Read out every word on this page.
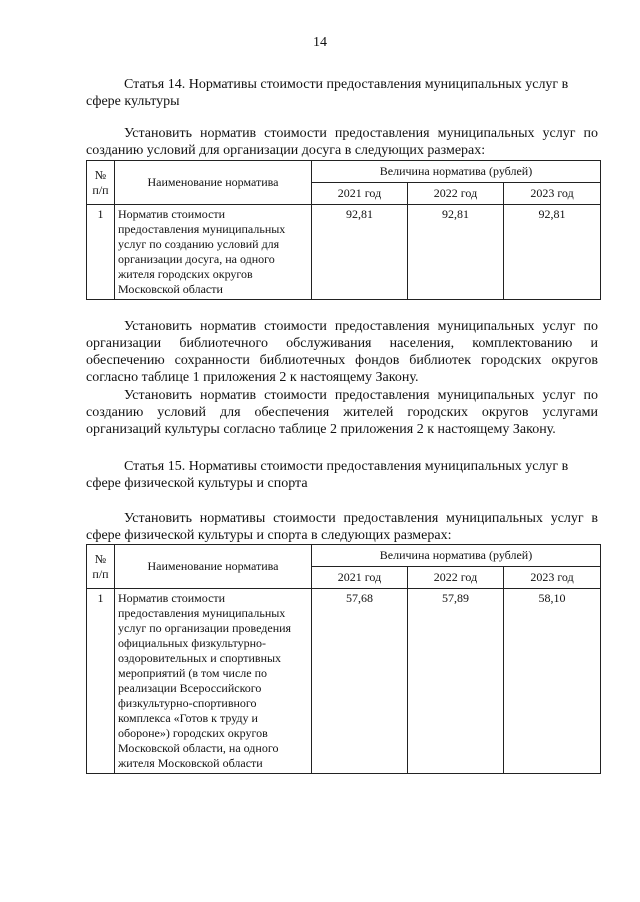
14

Статья 14. Нормативы стоимости предоставления муниципальных услуг в сфере культуры

Установить норматив стоимости предоставления муниципальных услуг по созданию условий для организации досуга в следующих размерах:

№ п/п	Наименование норматива	Величина норматива (рублей)		
		2021 год	2022 год	2023 год
1	Норматив стоимости предоставления муниципальных услуг по созданию условий для организации досуга, на одного жителя городских округов Московской области	92,81	92,81	92,81

Установить норматив стоимости предоставления муниципальных услуг по организации библиотечного обслуживания населения, комплектованию и обеспечению сохранности библиотечных фондов библиотек городских округов согласно таблице 1 приложения 2 к настоящему Закону.

Установить норматив стоимости предоставления муниципальных услуг по созданию условий для обеспечения жителей городских округов услугами организаций культуры согласно таблице 2 приложения 2 к настоящему Закону.

Статья 15. Нормативы стоимости предоставления муниципальных услуг в сфере физической культуры и спорта

Установить нормативы стоимости предоставления муниципальных услуг в сфере физической культуры и спорта в следующих размерах:

№ п/п	Наименование норматива	Величина норматива (рублей)		
		2021 год	2022 год	2023 год
1	Норматив стоимости предоставления муниципальных услуг по организации проведения официальных физкультурно-оздоровительных и спортивных мероприятий (в том числе по реализации Всероссийского физкультурно-спортивного комплекса «Готов к труду и обороне») городских округов Московской области, на одного жителя Московской области	57,68	57,89	58,10
